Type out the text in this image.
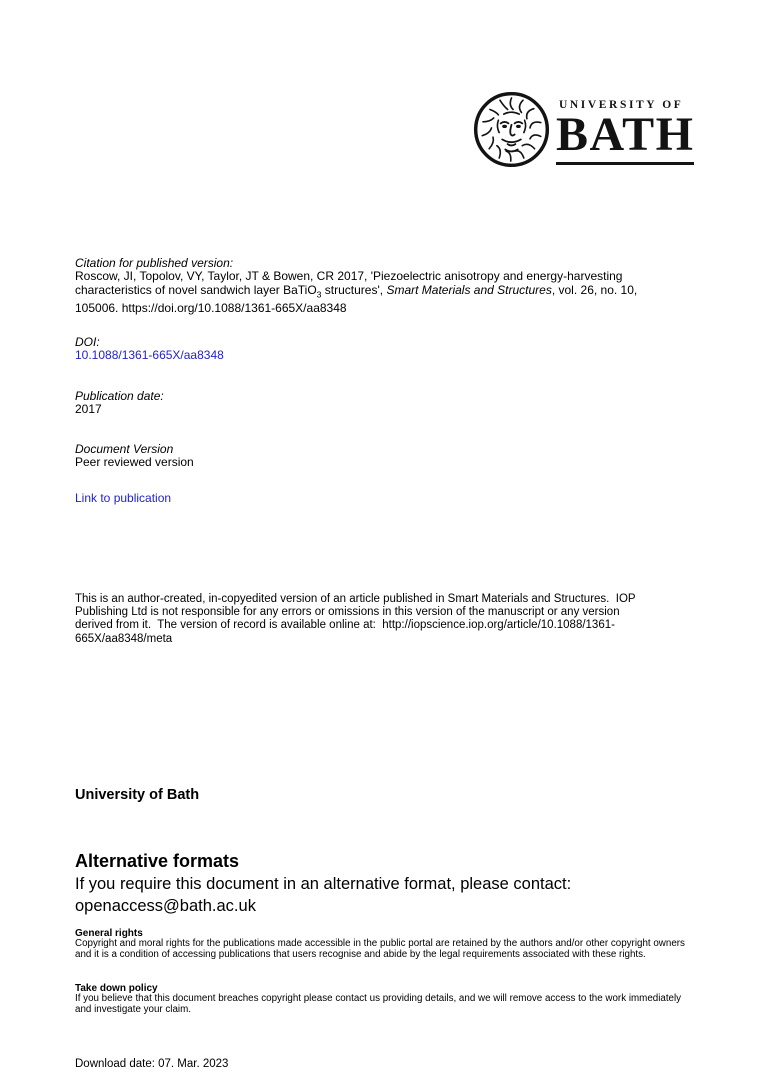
UNIVERSITY OF
BATH
Citation for published version:
Roscow, JI, Topolov, VY, Taylor, JT & Bowen, CR 2017, 'Piezoelectric anisotropy and energy-harvesting
characteristics of novel sandwich layer BaTiO$_3$ structures', Smart Materials and Structures, vol. 26, no. 10,
105006. https://doi.org/10.1088/1361-665X/aa8348
DOI:
10.1088/1361-665X/aa8348
Publication date:
2017
Document Version
Peer reviewed version
Link to publication
This is an author-created, in-copyedited version of an article published in Smart Materials and Structures.  IOP
Publishing Ltd is not responsible for any errors or omissions in this version of the manuscript or any version
derived from it.  The version of record is available online at:  http://iopscience.iop.org/article/10.1088/1361-
665X/aa8348/meta
University of Bath
Alternative formats
If you require this document in an alternative format, please contact:
openaccess@bath.ac.uk
General rights
Copyright and moral rights for the publications made accessible in the public portal are retained by the authors and/or other copyright owners
and it is a condition of accessing publications that users recognise and abide by the legal requirements associated with these rights.
Take down policy
If you believe that this document breaches copyright please contact us providing details, and we will remove access to the work immediately
and investigate your claim.
Download date: 07. Mar. 2023
